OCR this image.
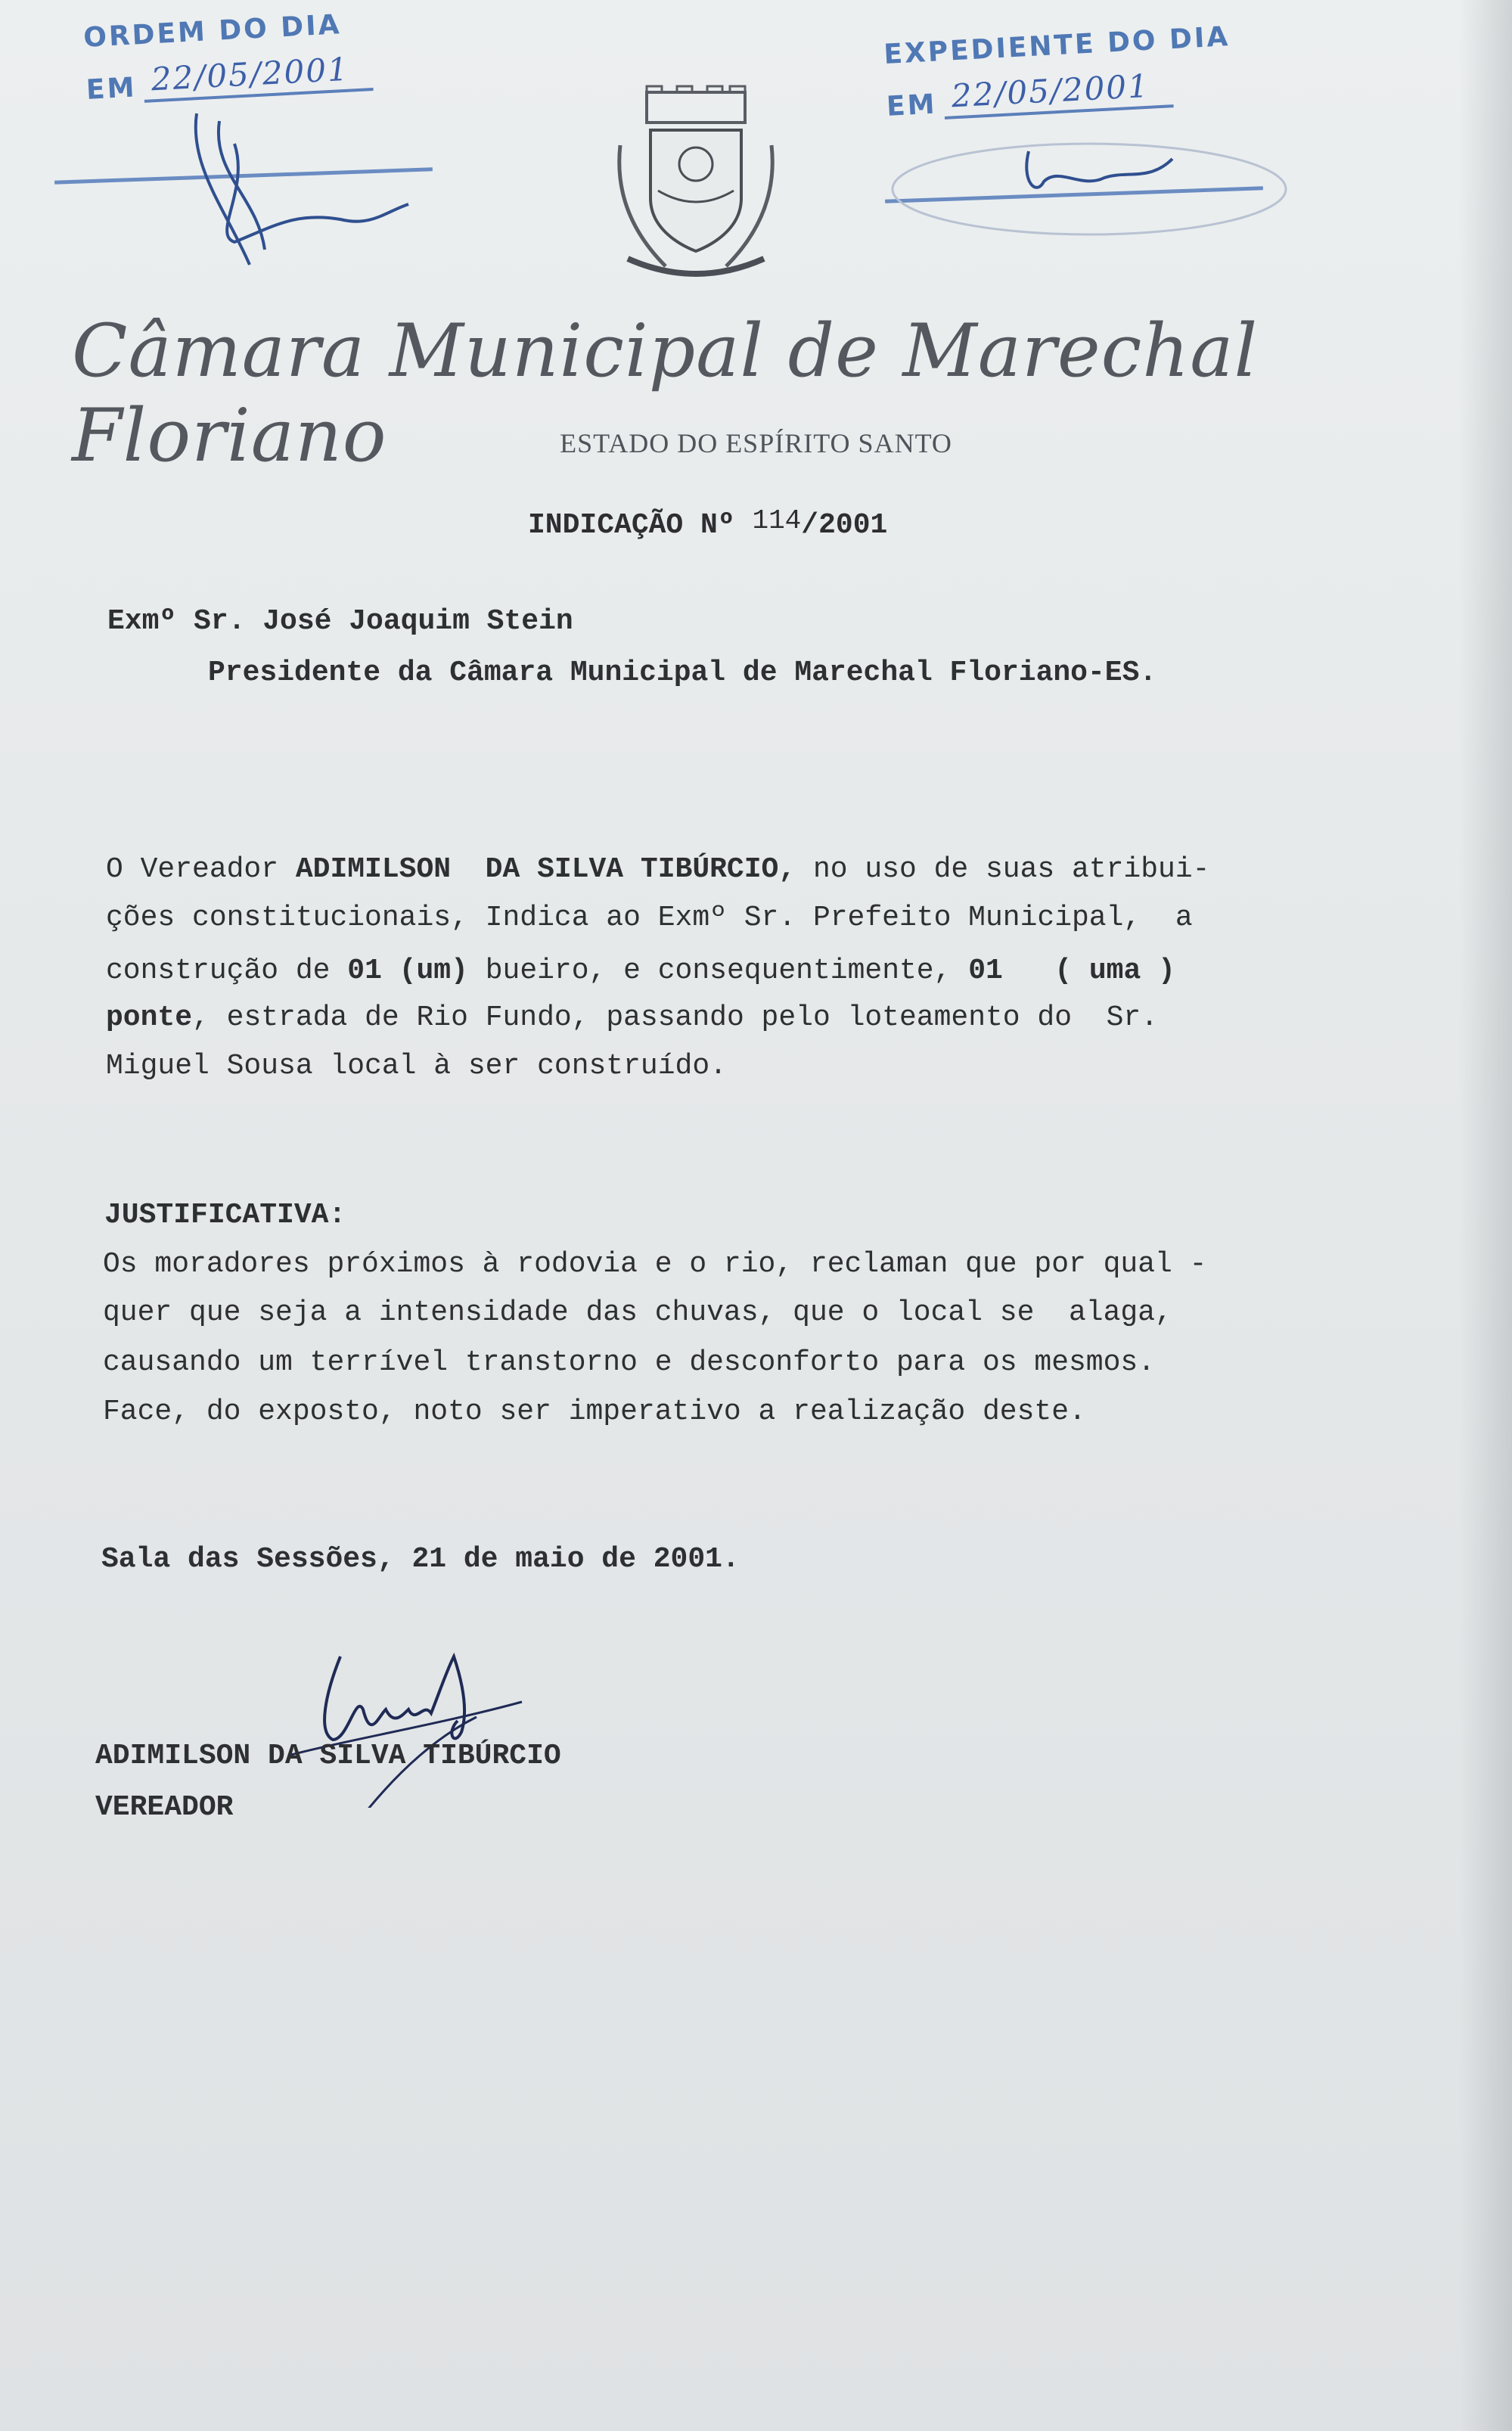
ORDEM DO DIA
EM 22/05/2001
EXPEDIENTE DO DIA
EM 22/05/2001
Câmara Municipal de Marechal Floriano	ESTADO DO ESPÍRITO SANTO
INDICAÇÃO Nº 114/2001
Exmº Sr. José Joaquim Stein
Presidente da Câmara Municipal de Marechal Floriano-ES.
O Vereador ADIMILSON  DA SILVA TIBÚRCIO, no uso de suas atribui-
ções constitucionais, Indica ao Exmº Sr. Prefeito Municipal,  a
construção de 01 (um) bueiro, e consequentimente, 01 ( uma )
ponte, estrada de Rio Fundo, passando pelo loteamento do  Sr.
Miguel Sousa local à ser construído.
JUSTIFICATIVA:
Os moradores próximos à rodovia e o rio, reclaman que por qual -
quer que seja a intensidade das chuvas, que o local se  alaga,
causando um terrível transtorno e desconforto para os mesmos.
Face, do exposto, noto ser imperativo a realização deste.
Sala das Sessões, 21 de maio de 2001.
ADIMILSON DA SILVA TIBÚRCIO
VEREADOR
